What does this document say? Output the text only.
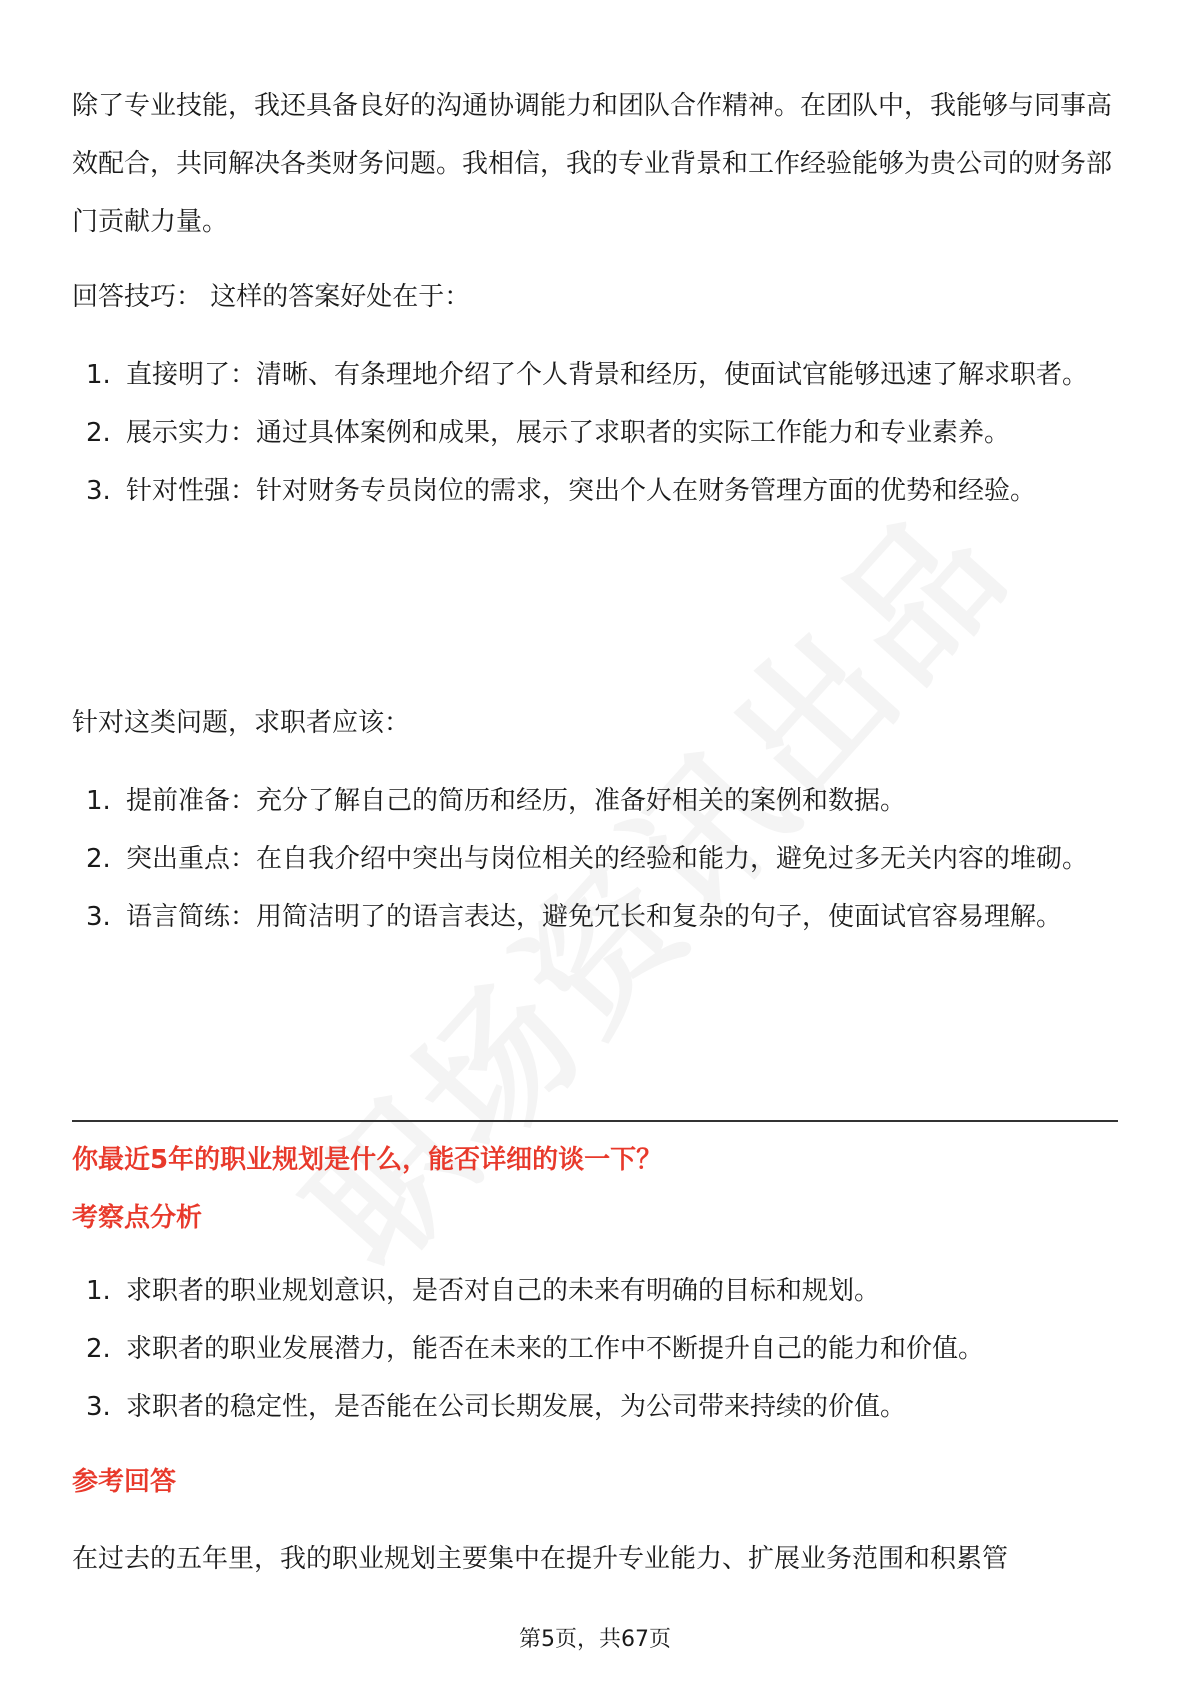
除了专业技能，我还具备良好的沟通协调能力和团队合作精神。在团队中，我能够与同事高效配合，共同解决各类财务问题。我相信，我的专业背景和工作经验能够为贵公司的财务部门贡献力量。

回答技巧： 这样的答案好处在于：

1. 直接明了：清晰、有条理地介绍了个人背景和经历，使面试官能够迅速了解求职者。
2. 展示实力：通过具体案例和成果，展示了求职者的实际工作能力和专业素养。
3. 针对性强：针对财务专员岗位的需求，突出个人在财务管理方面的优势和经验。

针对这类问题，求职者应该：

1. 提前准备：充分了解自己的简历和经历，准备好相关的案例和数据。
2. 突出重点：在自我介绍中突出与岗位相关的经验和能力，避免过多无关内容的堆砌。
3. 语言简练：用简洁明了的语言表达，避免冗长和复杂的句子，使面试官容易理解。
你最近5年的职业规划是什么，能否详细的谈一下？
考察点分析
1. 求职者的职业规划意识，是否对自己的未来有明确的目标和规划。
2. 求职者的职业发展潜力，能否在未来的工作中不断提升自己的能力和价值。
3. 求职者的稳定性，是否能在公司长期发展，为公司带来持续的价值。
参考回答

在过去的五年里，我的职业规划主要集中在提升专业能力、扩展业务范围和积累管

第5页，共67页
